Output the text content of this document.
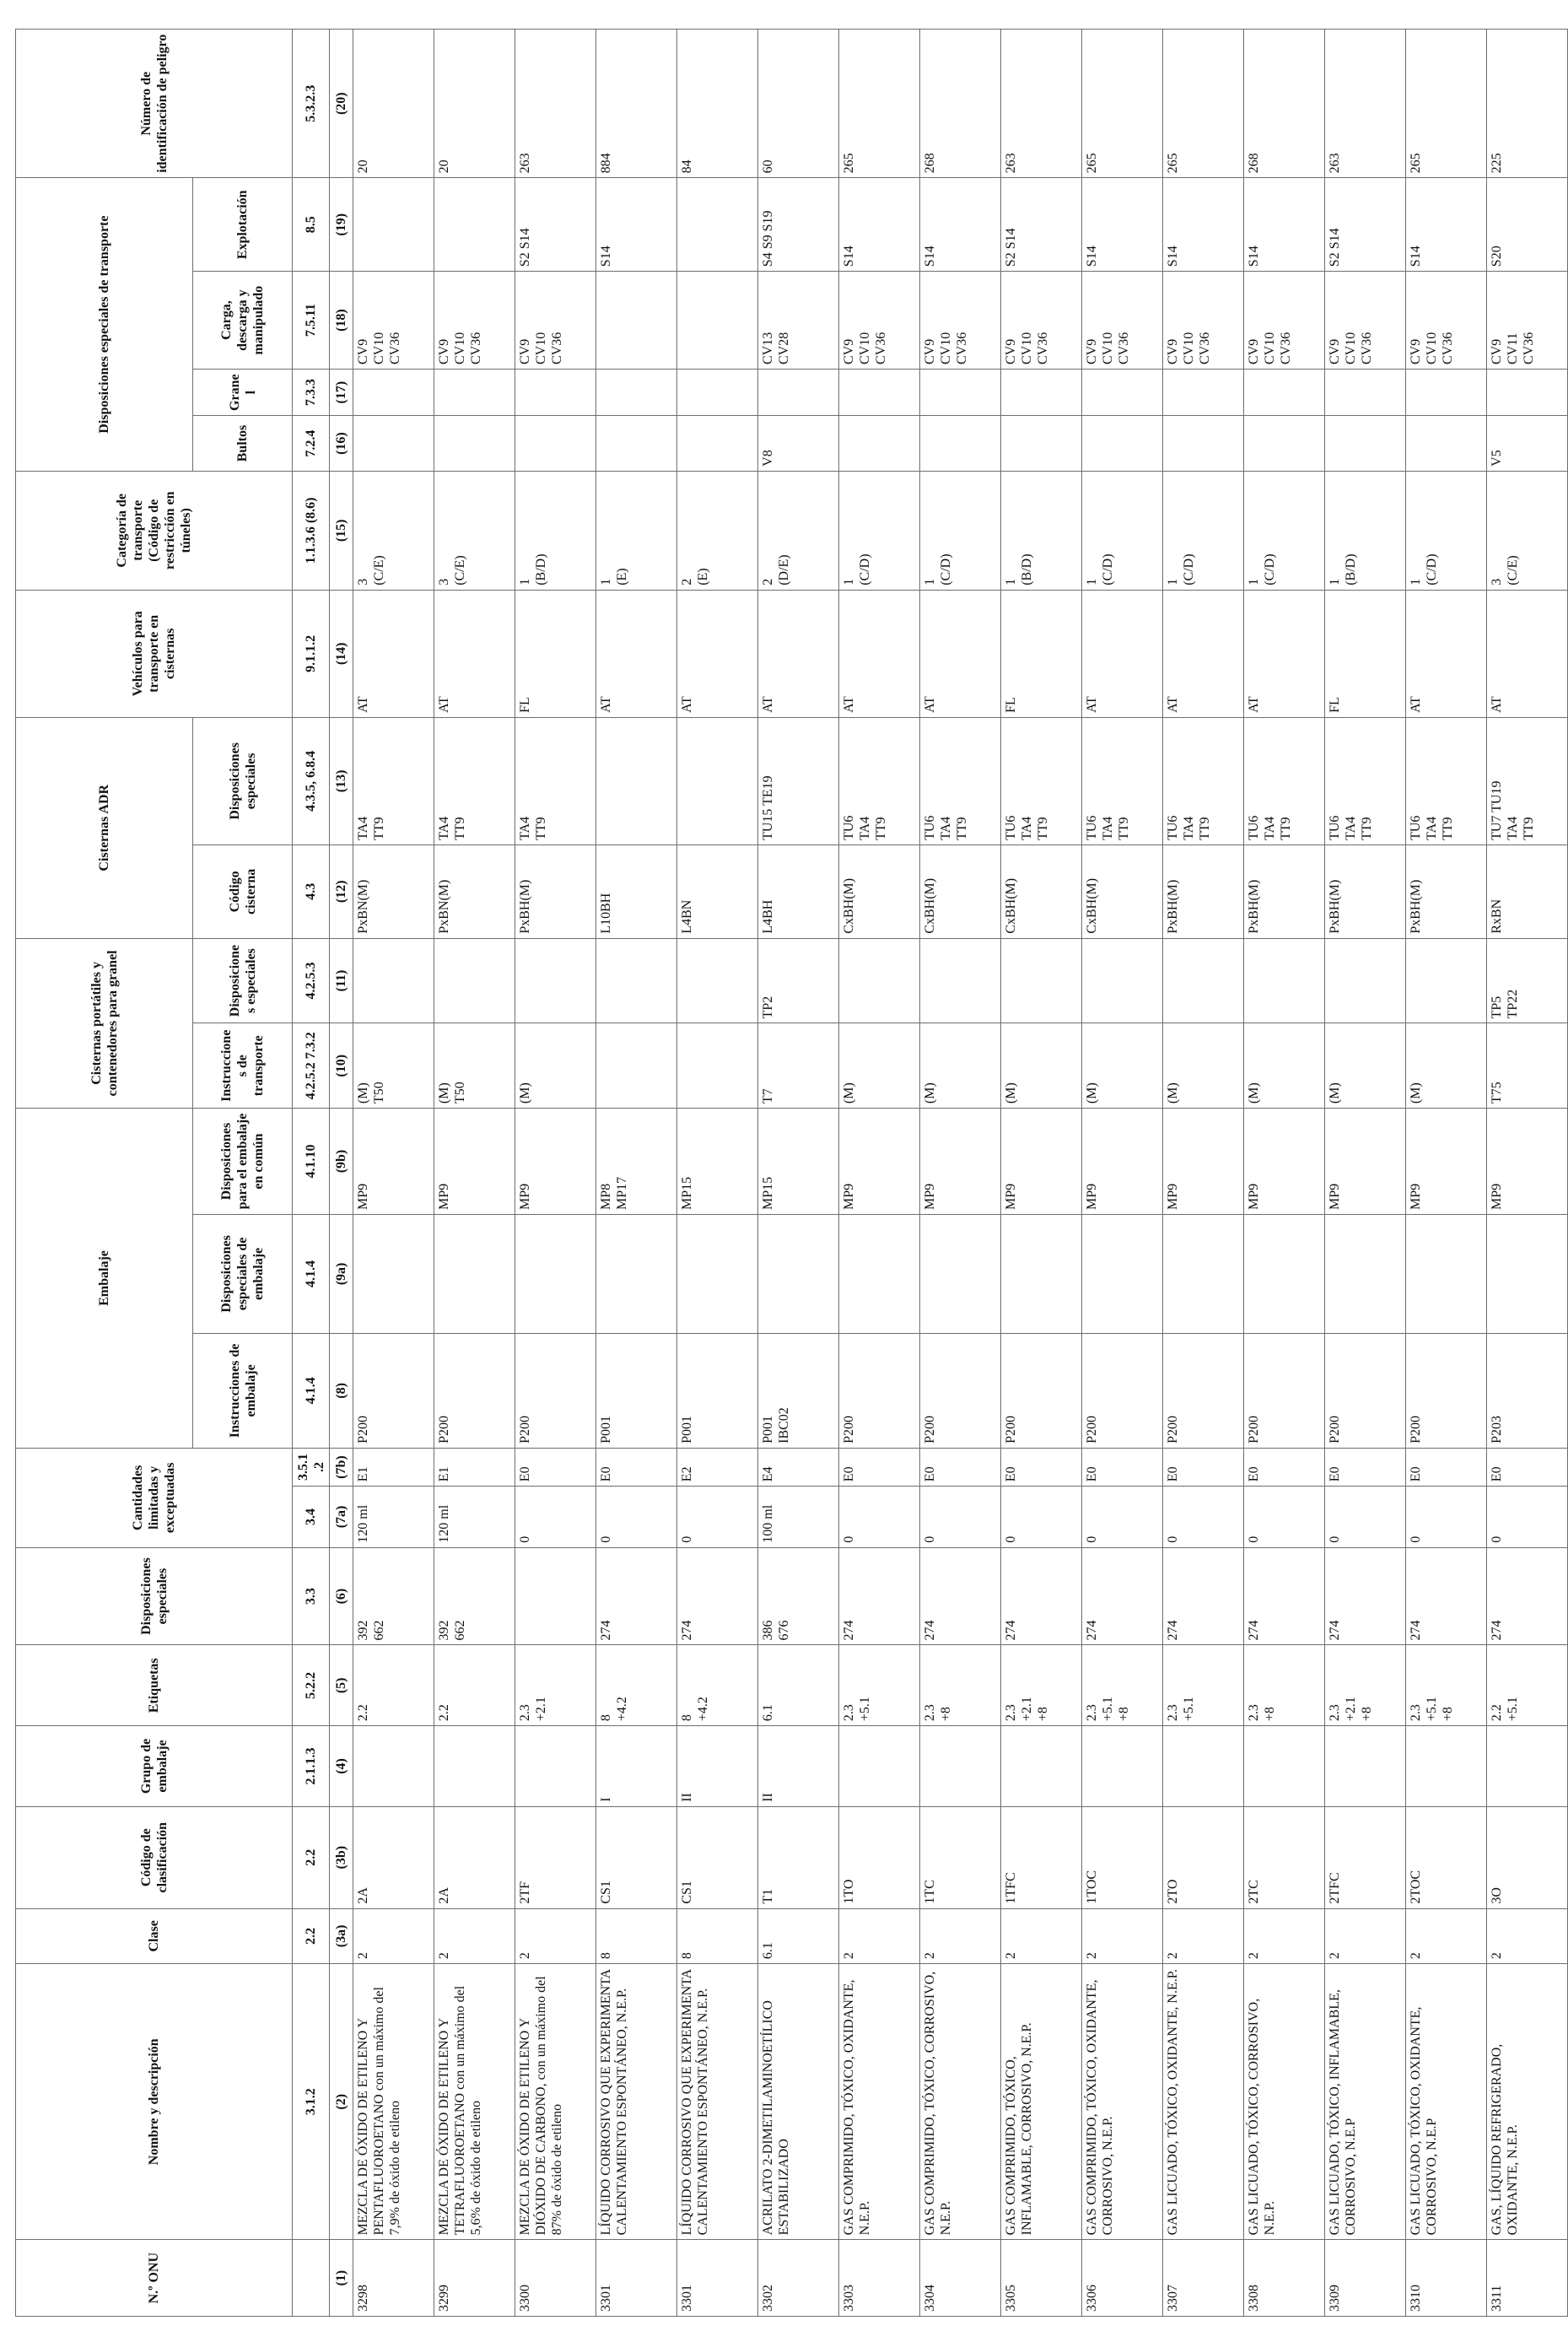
N.º ONU	Nombre y descripción	Clase	Código de clasificación	Grupo de embalaje	Etiquetas	Disposiciones especiales	Cantidades limitadas y exceptuadas		Embalaje			Cisternas portátiles y contenedores para granel		Cisternas ADR		Vehículos para transporte en cisternas	Categoría de transporte (Código de restricción en túneles)	Disposiciones especiales de transporte				Número de identificación de peligro
									Instrucciones de embalaje	Disposiciones especiales de embalaje	Disposiciones para el embalaje en común	Instrucciones de transporte	Disposiciones especiales	Código cisterna	Disposiciones especiales			Bultos	Granel	Carga, descarga y manipulado	Explotación	
	3.1.2	2.2	2.2	2.1.1.3	5.2.2	3.3	3.4	3.5.1.2	4.1.4	4.1.4	4.1.10	4.2.5.2 7.3.2	4.2.5.3	4.3	4.3.5, 6.8.4	9.1.1.2	1.1.3.6 (8.6)	7.2.4	7.3.3	7.5.11	8.5	5.3.2.3
(1)	(2)	(3a)	(3b)	(4)	(5)	(6)	(7a)	(7b)	(8)	(9a)	(9b)	(10)	(11)	(12)	(13)	(14)	(15)	(16)	(17)	(18)	(19)	(20)

3298	MEZCLA DE ÓXIDO DE ETILENO Y PENTAFLUOROETANO con un máximo del 7,9% de óxido de etileno	2	2A		2.2	392 662	120 ml	E1	P200		MP9	(M) T50		PxBN(M)	TA4 TT9	AT	3 (C/E)			CV9 CV10 CV36		20

3299	MEZCLA DE ÓXIDO DE ETILENO Y TETRAFLUOROETANO con un máximo del 5,6% de óxido de etileno	2	2A		2.2	392 662	120 ml	E1	P200		MP9	(M) T50		PxBN(M)	TA4 TT9	AT	3 (C/E)			CV9 CV10 CV36		20

3300	MEZCLA DE ÓXIDO DE ETILENO Y DIÓXIDO DE CARBONO, con un máximo del 87% de óxido de etileno	2	2TF		2.3 +2.1		0	E0	P200		MP9	(M)		PxBH(M)	TA4 TT9	FL	1 (B/D)			CV9 CV10 CV36	S2 S14	263

3301	LÍQUIDO CORROSIVO QUE EXPERIMENTA CALENTAMIENTO ESPONTÁNEO, N.E.P.	8	CS1	I	8 +4.2	274	0	E0	P001		MP8 MP17			L10BH		AT	1 (E)				S14	884

3301	LÍQUIDO CORROSIVO QUE EXPERIMENTA CALENTAMIENTO ESPONTÁNEO, N.E.P.	8	CS1	II	8 +4.2	274	0	E2	P001		MP15			L4BN		AT	2 (E)					84

3302	ACRILATO 2-DIMETILAMINOETÍLICO ESTABILIZADO	6.1	T1	II	6.1	386 676	100 ml	E4	P001 IBC02		MP15	T7	TP2	L4BH	TU15 TE19	AT	2 (D/E)	V8		CV13 CV28	S4 S9 S19	60

3303	GAS COMPRIMIDO, TÓXICO, OXIDANTE, N.E.P.	2	1TO		2.3 +5.1	274	0	E0	P200		MP9	(M)		CxBH(M)	TU6 TA4 TT9	AT	1 (C/D)			CV9 CV10 CV36	S14	265

3304	GAS COMPRIMIDO, TÓXICO, CORROSIVO, N.E.P.	2	1TC		2.3 +8	274	0	E0	P200		MP9	(M)		CxBH(M)	TU6 TA4 TT9	AT	1 (C/D)			CV9 CV10 CV36	S14	268

3305	GAS COMPRIMIDO, TÓXICO, INFLAMABLE, CORROSIVO, N.E.P.	2	1TFC		2.3 +2.1 +8	274	0	E0	P200		MP9	(M)		CxBH(M)	TU6 TA4 TT9	FL	1 (B/D)			CV9 CV10 CV36	S2 S14	263

3306	GAS COMPRIMIDO, TÓXICO, OXIDANTE, CORROSIVO, N.E.P.	2	1TOC		2.3 +5.1 +8	274	0	E0	P200		MP9	(M)		CxBH(M)	TU6 TA4 TT9	AT	1 (C/D)			CV9 CV10 CV36	S14	265

3307	GAS LICUADO, TÓXICO, OXIDANTE, N.E.P.	2	2TO		2.3 +5.1	274	0	E0	P200		MP9	(M)		PxBH(M)	TU6 TA4 TT9	AT	1 (C/D)			CV9 CV10 CV36	S14	265

3308	GAS LICUADO, TÓXICO, CORROSIVO, N.E.P.	2	2TC		2.3 +8	274	0	E0	P200		MP9	(M)		PxBH(M)	TU6 TA4 TT9	AT	1 (C/D)			CV9 CV10 CV36	S14	268

3309	GAS LICUADO, TÓXICO, INFLAMABLE, CORROSIVO, N.E.P	2	2TFC		2.3 +2.1 +8	274	0	E0	P200		MP9	(M)		PxBH(M)	TU6 TA4 TT9	FL	1 (B/D)			CV9 CV10 CV36	S2 S14	263

3310	GAS LICUADO, TÓXICO, OXIDANTE, CORROSIVO, N.E.P	2	2TOC		2.3 +5.1 +8	274	0	E0	P200		MP9	(M)		PxBH(M)	TU6 TA4 TT9	AT	1 (C/D)			CV9 CV10 CV36	S14	265

3311	GAS, LÍQUIDO REFRIGERADO, OXIDANTE, N.E.P.	2	3O		2.2 +5.1	274	0	E0	P203		MP9	T75	TP5 TP22	RxBN	TU7 TU19 TA4 TT9	AT	3 (C/E)	V5		CV9 CV11 CV36	S20	225
